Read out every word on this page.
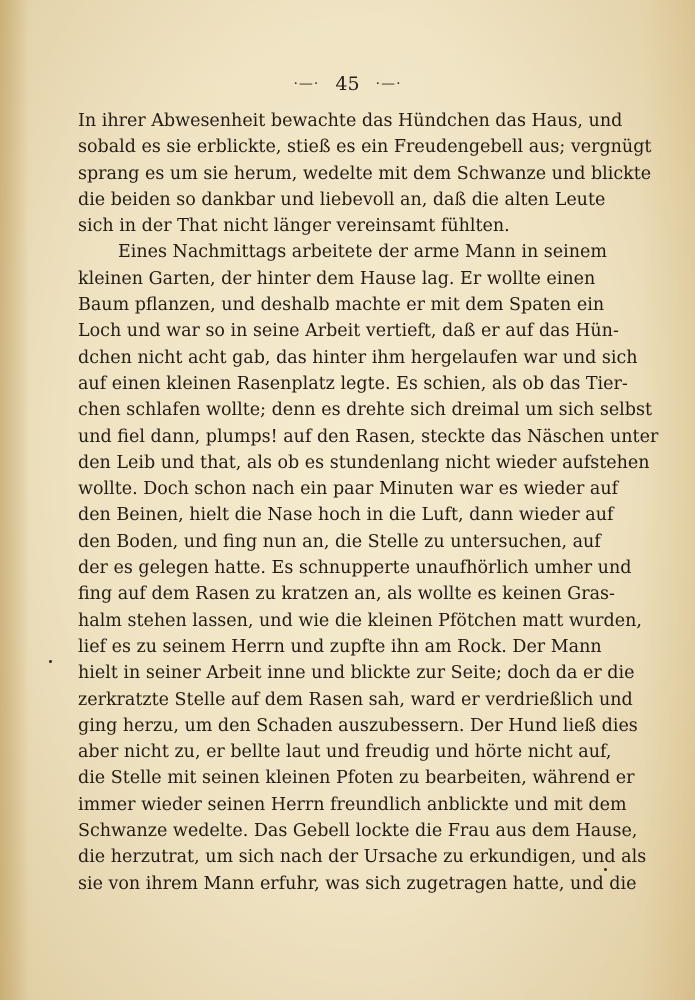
·—· 45 ·—·
In ihrer Abwesenheit bewachte das Hündchen das Haus, und
sobald es sie erblickte, stieß es ein Freudengebell aus; vergnügt
sprang es um sie herum, wedelte mit dem Schwanze und blickte
die beiden so dankbar und liebevoll an, daß die alten Leute
sich in der That nicht länger vereinsamt fühlten.
Eines Nachmittags arbeitete der arme Mann in seinem
kleinen Garten, der hinter dem Hause lag. Er wollte einen
Baum pflanzen, und deshalb machte er mit dem Spaten ein
Loch und war so in seine Arbeit vertieft, daß er auf das Hün-
dchen nicht acht gab, das hinter ihm hergelaufen war und sich
auf einen kleinen Rasenplatz legte. Es schien, als ob das Tier-
chen schlafen wollte; denn es drehte sich dreimal um sich selbst
und fiel dann, plumps! auf den Rasen, steckte das Näschen unter
den Leib und that, als ob es stundenlang nicht wieder aufstehen
wollte. Doch schon nach ein paar Minuten war es wieder auf
den Beinen, hielt die Nase hoch in die Luft, dann wieder auf
den Boden, und fing nun an, die Stelle zu untersuchen, auf
der es gelegen hatte. Es schnupperte unaufhörlich umher und
fing auf dem Rasen zu kratzen an, als wollte es keinen Gras-
halm stehen lassen, und wie die kleinen Pfötchen matt wurden,
lief es zu seinem Herrn und zupfte ihn am Rock. Der Mann
hielt in seiner Arbeit inne und blickte zur Seite; doch da er die
zerkratzte Stelle auf dem Rasen sah, ward er verdrießlich und
ging herzu, um den Schaden auszubessern. Der Hund ließ dies
aber nicht zu, er bellte laut und freudig und hörte nicht auf,
die Stelle mit seinen kleinen Pfoten zu bearbeiten, während er
immer wieder seinen Herrn freundlich anblickte und mit dem
Schwanze wedelte. Das Gebell lockte die Frau aus dem Hause,
die herzutrat, um sich nach der Ursache zu erkundigen, und als
sie von ihrem Mann erfuhr, was sich zugetragen hatte, und die
